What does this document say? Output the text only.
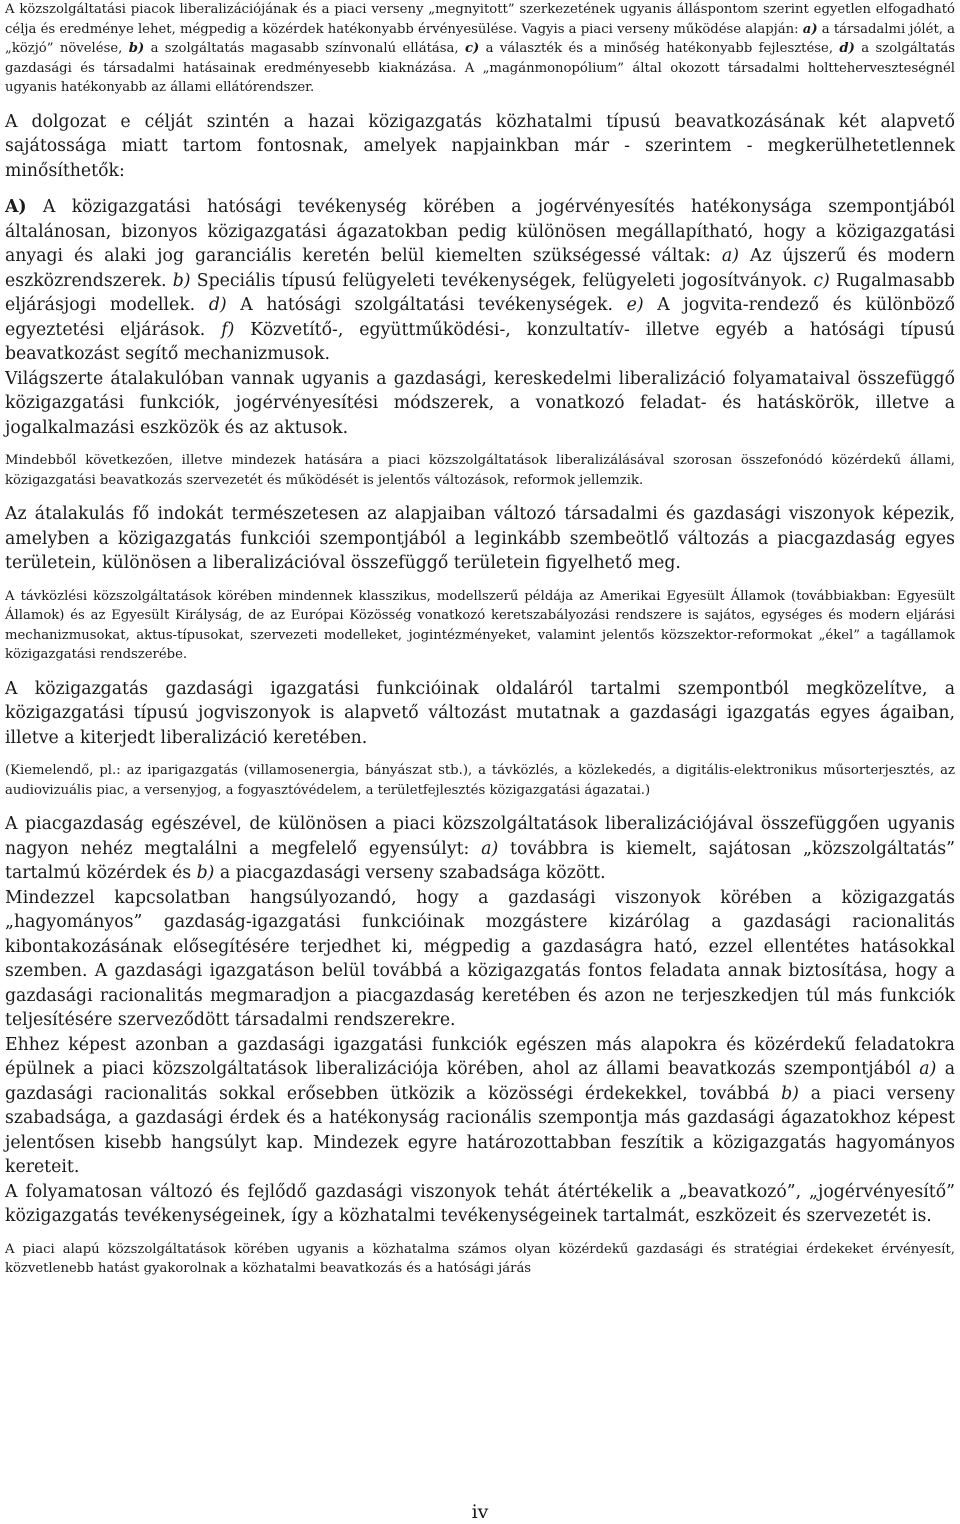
A közszolgáltatási piacok liberalizációjának és a piaci verseny „megnyitott” szerkezetének ugyanis álláspontom szerint egyetlen elfogadható célja és eredménye lehet, mégpedig a közérdek hatékonyabb érvényesülése. Vagyis a piaci verseny működése alapján: a) a társadalmi jólét, a „közjó” növelése, b) a szolgáltatás magasabb színvonalú ellátása, c) a választék és a minőség hatékonyabb fejlesztése, d) a szolgáltatás gazdasági és társadalmi hatásainak eredményesebb kiaknázása. A „magánmonopólium” által okozott társadalmi holtteherveszteségnél ugyanis hatékonyabb az állami ellátórendszer.

A dolgozat e célját szintén a hazai közigazgatás közhatalmi típusú beavatkozásának két alapvető sajátossága miatt tartom fontosnak, amelyek napjainkban már - szerintem - megkerülhetetlennek minősíthetők:

A) A közigazgatási hatósági tevékenység körében a jogérvényesítés hatékonysága szempontjából általánosan, bizonyos közigazgatási ágazatokban pedig különösen megállapítható, hogy a közigazgatási anyagi és alaki jog garanciális keretén belül kiemelten szükségessé váltak: a) Az újszerű és modern eszközrendszerek. b) Speciális típusú felügyeleti tevékenységek, felügyeleti jogosítványok. c) Rugalmasabb eljárásjogi modellek. d) A hatósági szolgáltatási tevékenységek. e) A jogvita-rendező és különböző egyeztetési eljárások. f) Közvetítő-, együttműködési-, konzultatív- illetve egyéb a hatósági típusú beavatkozást segítő mechanizmusok.

Világszerte átalakulóban vannak ugyanis a gazdasági, kereskedelmi liberalizáció folyamataival összefüggő közigazgatási funkciók, jogérvényesítési módszerek, a vonatkozó feladat- és hatáskörök, illetve a jogalkalmazási eszközök és az aktusok.

Mindebből következően, illetve mindezek hatására a piaci közszolgáltatások liberalizálásával szorosan összefonódó közérdekű állami, közigazgatási beavatkozás szervezetét és működését is jelentős változások, reformok jellemzik.

Az átalakulás fő indokát természetesen az alapjaiban változó társadalmi és gazdasági viszonyok képezik, amelyben a közigazgatás funkciói szempontjából a leginkább szembeötlő változás a piacgazdaság egyes területein, különösen a liberalizációval összefüggő területein figyelhető meg.

A távközlési közszolgáltatások körében mindennek klasszikus, modellszerű példája az Amerikai Egyesült Államok (továbbiakban: Egyesült Államok) és az Egyesült Királyság, de az Európai Közösség vonatkozó keretszabályozási rendszere is sajátos, egységes és modern eljárási mechanizmusokat, aktus-típusokat, szervezeti modelleket, jogintézményeket, valamint jelentős közszektor-reformokat „ékel” a tagállamok közigazgatási rendszerébe.

A közigazgatás gazdasági igazgatási funkcióinak oldaláról tartalmi szempontból megközelítve, a közigazgatási típusú jogviszonyok is alapvető változást mutatnak a gazdasági igazgatás egyes ágaiban, illetve a kiterjedt liberalizáció keretében.

(Kiemelendő, pl.: az iparigazgatás (villamosenergia, bányászat stb.), a távközlés, a közlekedés, a digitális-elektronikus műsorterjesztés, az audiovizuális piac, a versenyjog, a fogyasztóvédelem, a területfejlesztés közigazgatási ágazatai.)

A piacgazdaság egészével, de különösen a piaci közszolgáltatások liberalizációjával összefüggően ugyanis nagyon nehéz megtalálni a megfelelő egyensúlyt: a) továbbra is kiemelt, sajátosan „közszolgáltatás” tartalmú közérdek és b) a piacgazdasági verseny szabadsága között.

Mindezzel kapcsolatban hangsúlyozandó, hogy a gazdasági viszonyok körében a közigazgatás „hagyományos” gazdaság-igazgatási funkcióinak mozgástere kizárólag a gazdasági racionalitás kibontakozásának elősegítésére terjedhet ki, mégpedig a gazdaságra ható, ezzel ellentétes hatásokkal szemben. A gazdasági igazgatáson belül továbbá a közigazgatás fontos feladata annak biztosítása, hogy a gazdasági racionalitás megmaradjon a piacgazdaság keretében és azon ne terjeszkedjen túl más funkciók teljesítésére szerveződött társadalmi rendszerekre.

Ehhez képest azonban a gazdasági igazgatási funkciók egészen más alapokra és közérdekű feladatokra épülnek a piaci közszolgáltatások liberalizációja körében, ahol az állami beavatkozás szempontjából a) a gazdasági racionalitás sokkal erősebben ütközik a közösségi érdekekkel, továbbá b) a piaci verseny szabadsága, a gazdasági érdek és a hatékonyság racionális szempontja más gazdasági ágazatokhoz képest jelentősen kisebb hangsúlyt kap. Mindezek egyre határozottabban feszítik a közigazgatás hagyományos kereteit.

A folyamatosan változó és fejlődő gazdasági viszonyok tehát átértékelik a „beavatkozó”, „jogérvényesítő” közigazgatás tevékenységeinek, így a közhatalmi tevékenységeinek tartalmát, eszközeit és szervezetét is.

A piaci alapú közszolgáltatások körében ugyanis a közhatalma számos olyan közérdekű gazdasági és stratégiai érdekeket érvényesít, közvetlenebb hatást gyakorolnak a közhatalmi beavatkozás és a hatósági járás

iv
